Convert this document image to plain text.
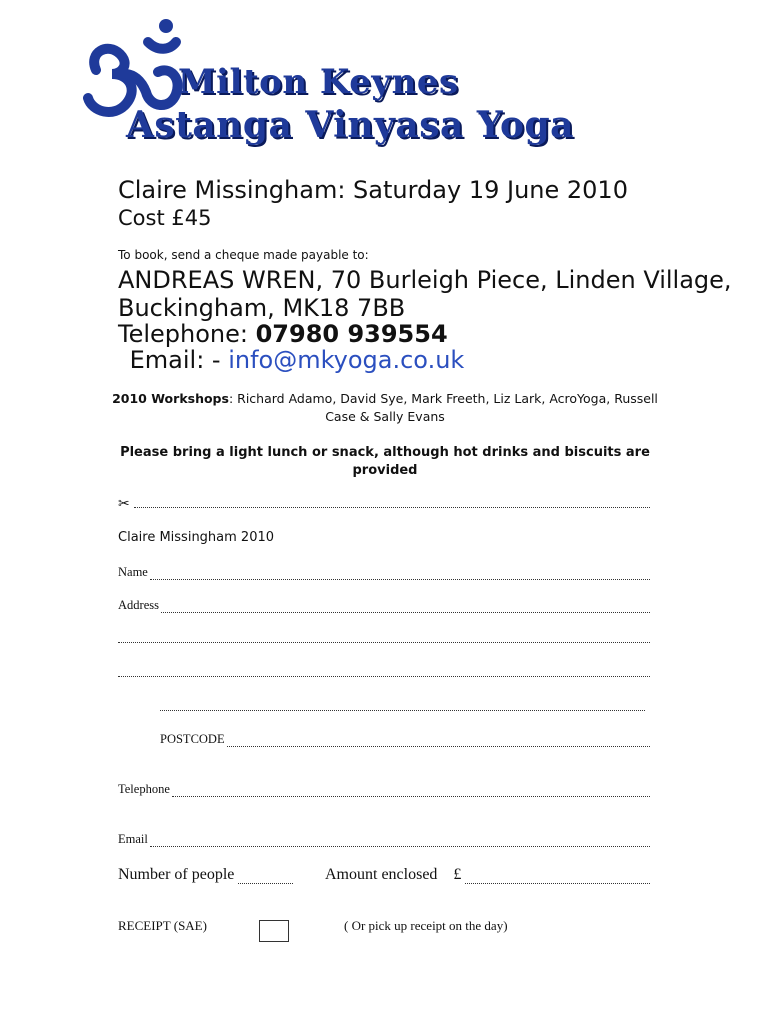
Milton Keynes
Astanga Vinyasa Yoga
Claire Missingham: Saturday 19 June 2010
Cost £45
To book, send a cheque made payable to:
ANDREAS WREN, 70 Burleigh Piece, Linden Village,
Buckingham, MK18 7BB
Telephone: 07980 939554
Email: - info@mkyoga.co.uk
2010 Workshops: Richard Adamo, David Sye, Mark Freeth, Liz Lark, AcroYoga, Russell Case & Sally Evans
Please bring a light lunch or snack, although hot drinks and biscuits are provided
✂
Claire Missingham 2010
Name
Address
POSTCODE
Telephone
Email
Number of people	Amount enclosed £
RECEIPT (SAE)	( Or pick up receipt on the day)
